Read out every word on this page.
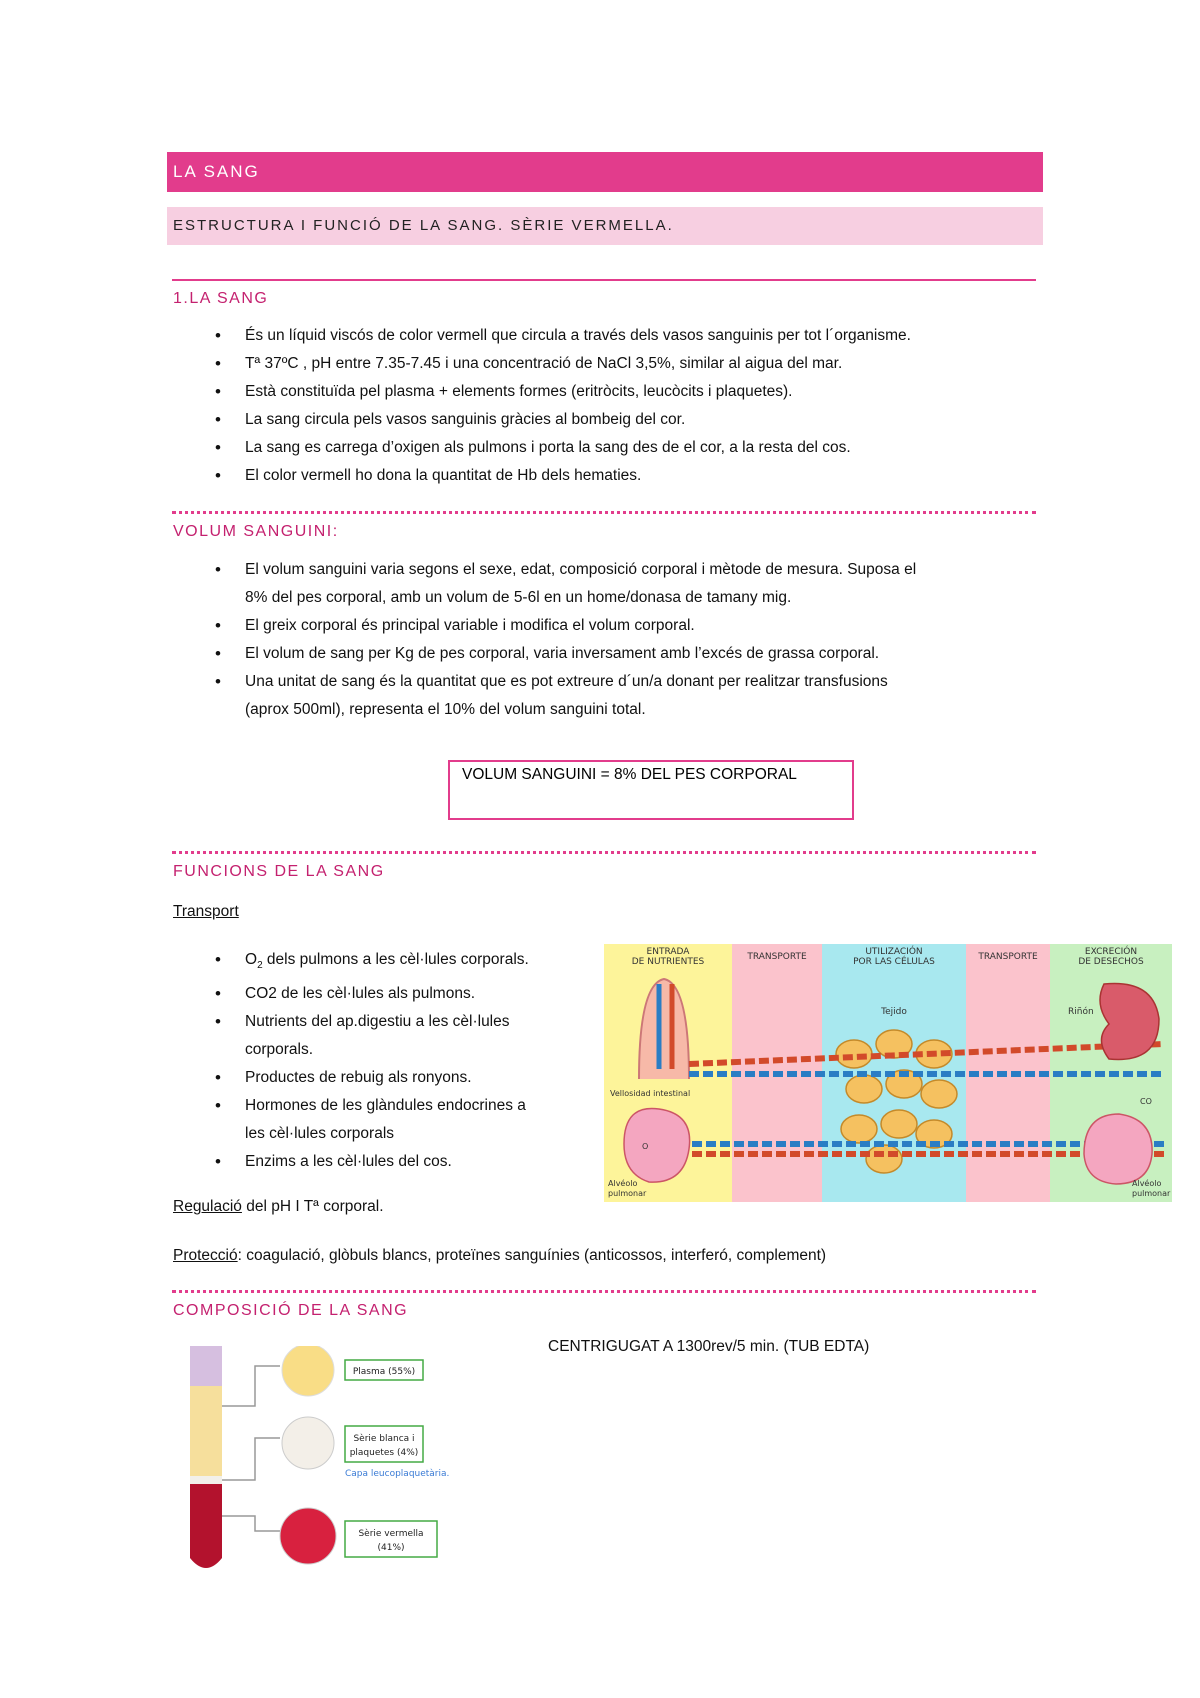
LA SANG
ESTRUCTURA I FUNCIÓ DE LA SANG. SÈRIE VERMELLA.
1.LA SANG
• És un líquid viscós de color vermell que circula a través dels vasos sanguinis per tot l´organisme.
• Tª 37ºC , pH entre 7.35-7.45 i una concentració de NaCl 3,5%, similar al aigua del mar.
• Està constituïda pel plasma + elements formes (eritròcits, leucòcits i plaquetes).
• La sang circula pels vasos sanguinis gràcies al bombeig del cor.
• La sang es carrega d’oxigen als pulmons i porta la sang des de el cor, a la resta del cos.
• El color vermell ho dona la quantitat de Hb dels hematies.
VOLUM SANGUINI:
• El volum sanguini varia segons el sexe, edat, composició corporal i mètode de mesura. Suposa el
8% del pes corporal, amb un volum de 5-6l en un home/donasa de tamany mig.
• El greix corporal és principal variable i modifica el volum corporal.
• El volum de sang per Kg de pes corporal, varia inversament amb l’excés de grassa corporal.
• Una unitat de sang és la quantitat que es pot extreure d´un/a donant per realitzar transfusions
(aprox 500ml), representa el 10% del volum sanguini total.
VOLUM SANGUINI = 8% DEL PES CORPORAL
FUNCIONS DE LA SANG
Transport
• $O_2$ dels pulmons a les cèl·lules corporals.
• CO2 de les cèl·lules als pulmons.
• Nutrients del ap.digestiu a les cèl·lules
corporals.
• Productes de rebuig als ronyons.
• Hormones de les glàndules endocrines a
les cèl·lules corporals
• Enzims a les cèl·lules del cos.
ENTRADA
DE NUTRIENTES	TRANSPORTE	UTILIZACIÓN
POR LAS CÉLULAS	TRANSPORTE	EXCRECIÓN
DE DESECHOS
Tejido	Riñón
Vellosidad intestinal
Alvéolo
pulmonar
Alvéolo
pulmonar
CO
O
Regulació del pH I Tª corporal.
Protecció: coagulació, glòbuls blancs, proteïnes sanguínies (anticossos, interferó, complement)
COMPOSICIÓ DE LA SANG
CENTRIGUGAT A 1300rev/5 min. (TUB EDTA)
Plasma (55%)
Sèrie blanca i
plaquetes (4%)
Sèrie vermella
(41%)
Capa leucoplaquetària.
